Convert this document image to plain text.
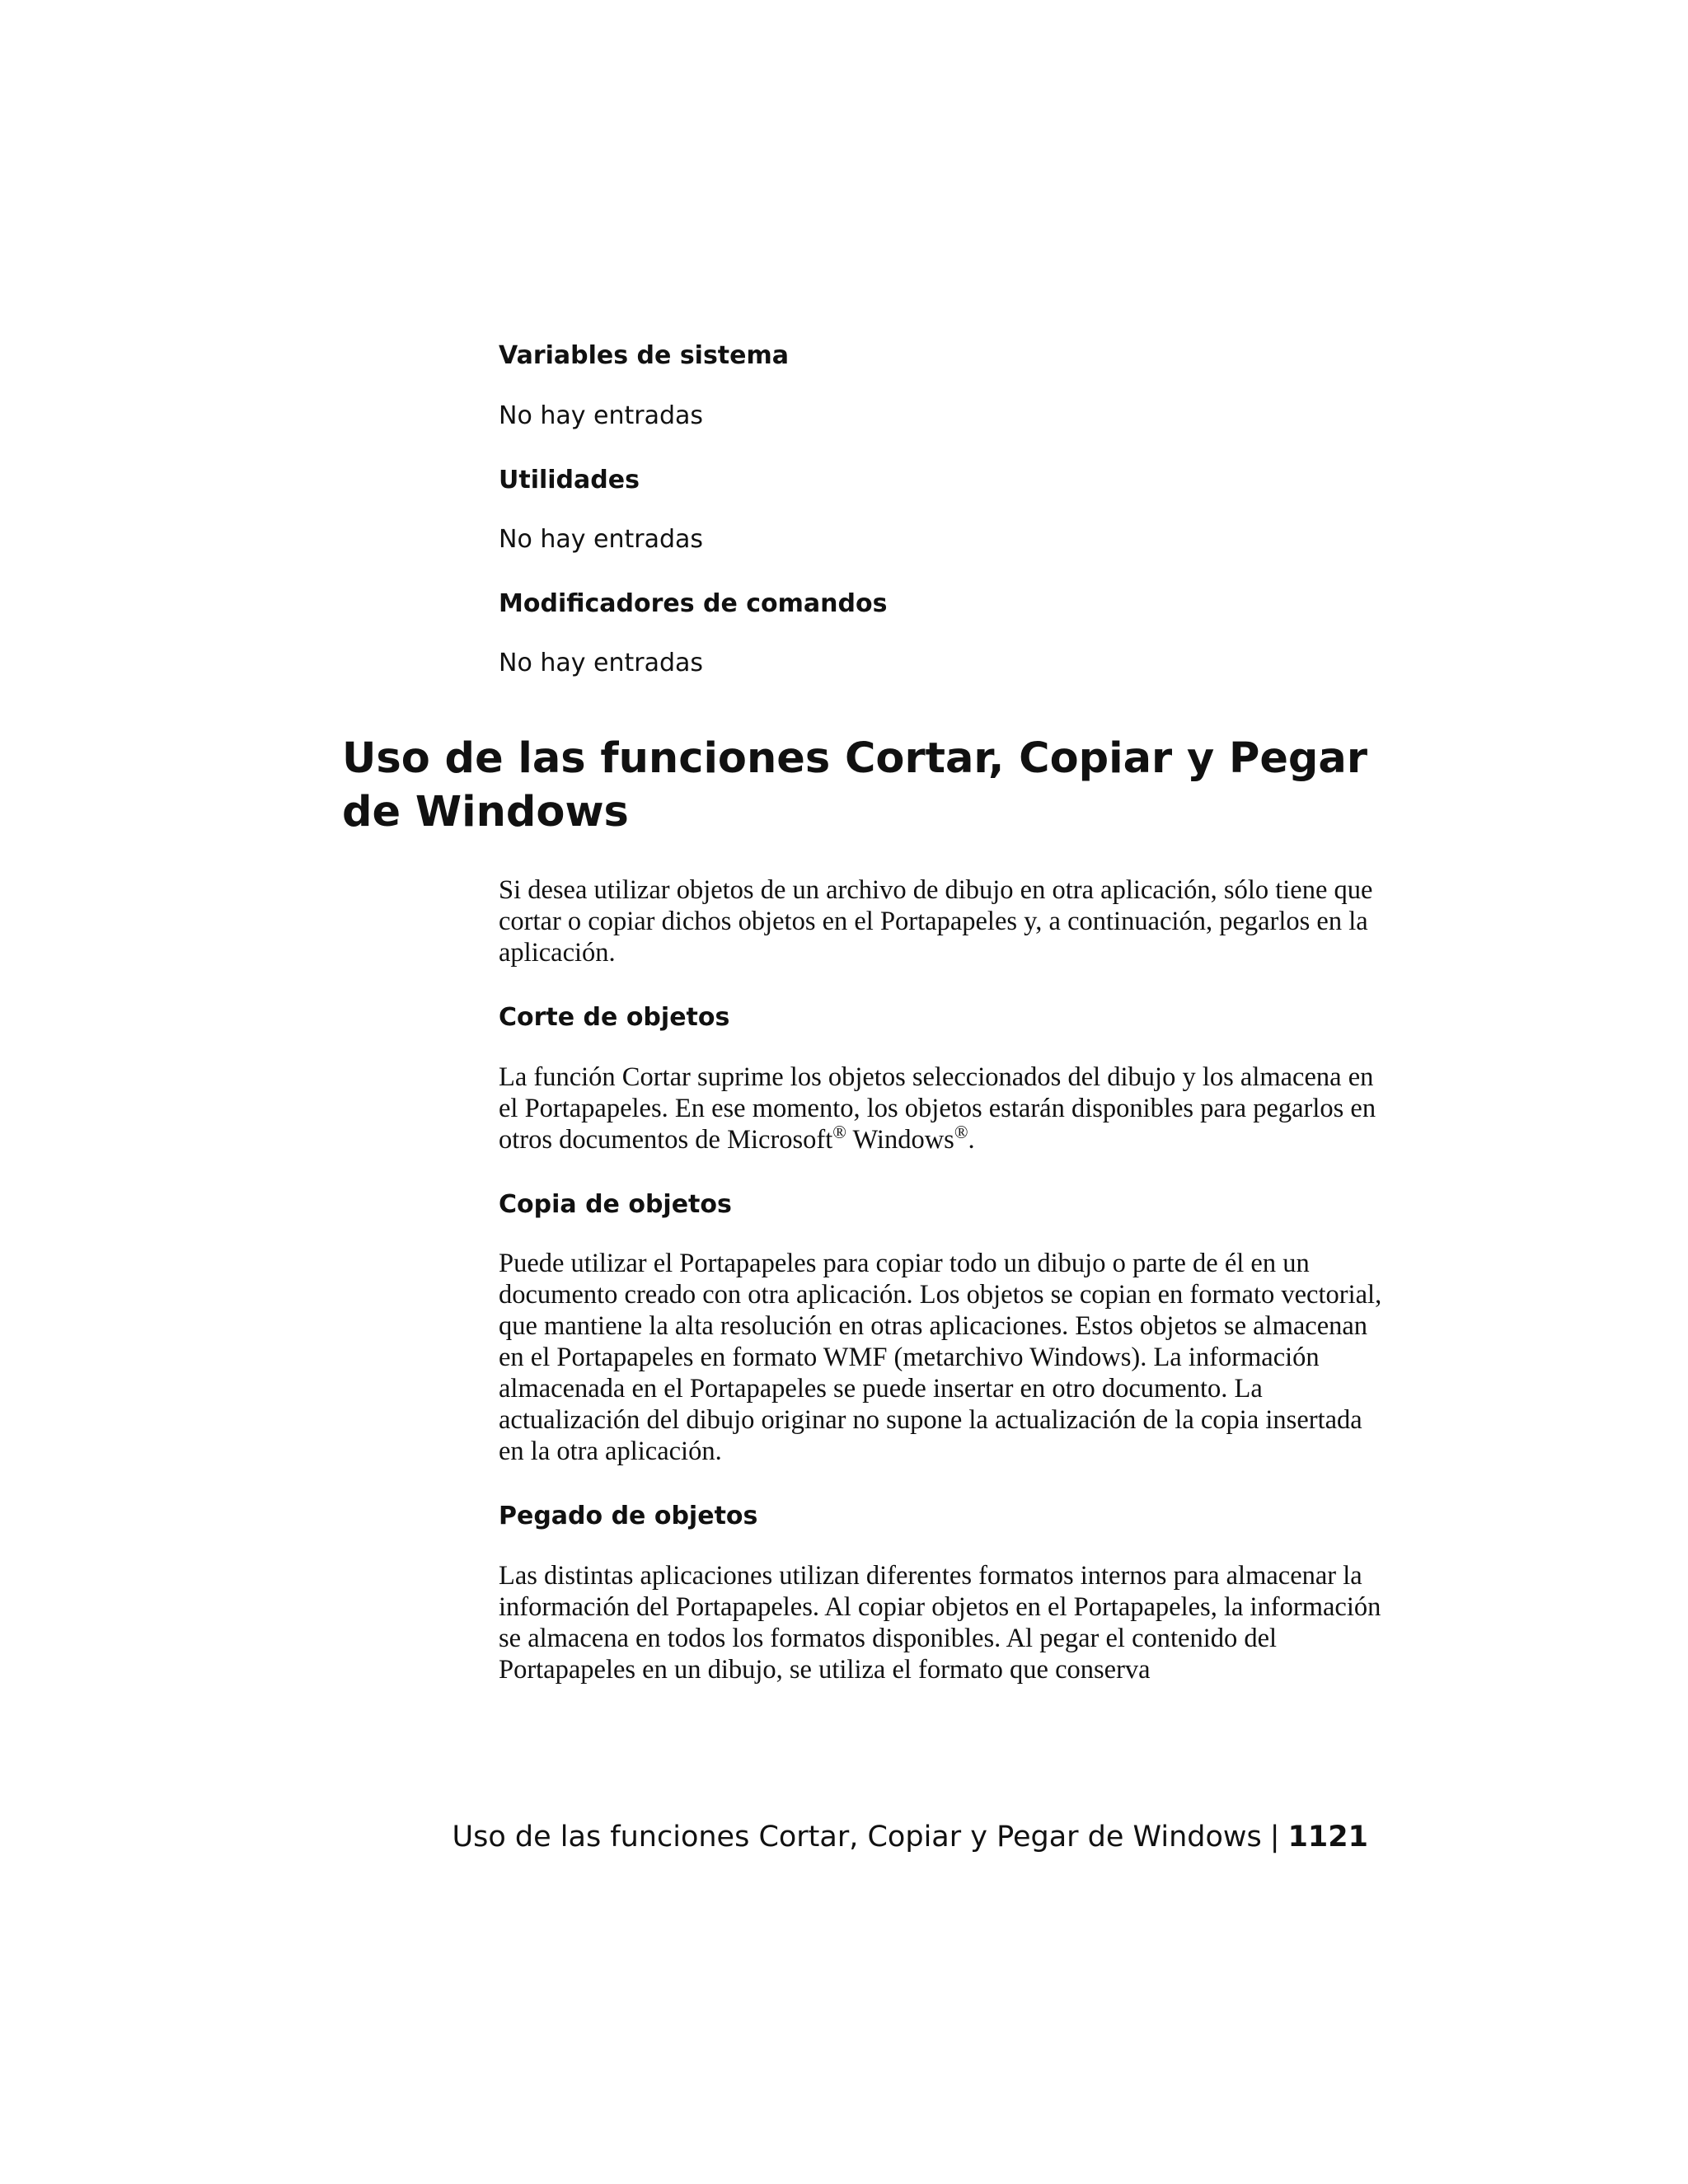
Variables de sistema

No hay entradas

Utilidades

No hay entradas

Modificadores de comandos

No hay entradas

Uso de las funciones Cortar, Copiar y Pegar de Windows

Si desea utilizar objetos de un archivo de dibujo en otra aplicación, sólo tiene que cortar o copiar dichos objetos en el Portapapeles y, a continuación, pegarlos en la aplicación.

Corte de objetos

La función Cortar suprime los objetos seleccionados del dibujo y los almacena en el Portapapeles. En ese momento, los objetos estarán disponibles para pegarlos en otros documentos de Microsoft® Windows®.

Copia de objetos

Puede utilizar el Portapapeles para copiar todo un dibujo o parte de él en un documento creado con otra aplicación. Los objetos se copian en formato vectorial, que mantiene la alta resolución en otras aplicaciones. Estos objetos se almacenan en el Portapapeles en formato WMF (metarchivo Windows). La información almacenada en el Portapapeles se puede insertar en otro documento. La actualización del dibujo originar no supone la actualización de la copia insertada en la otra aplicación.

Pegado de objetos

Las distintas aplicaciones utilizan diferentes formatos internos para almacenar la información del Portapapeles. Al copiar objetos en el Portapapeles, la información se almacena en todos los formatos disponibles. Al pegar el contenido del Portapapeles en un dibujo, se utiliza el formato que conserva

Uso de las funciones Cortar, Copiar y Pegar de Windows | 1121
